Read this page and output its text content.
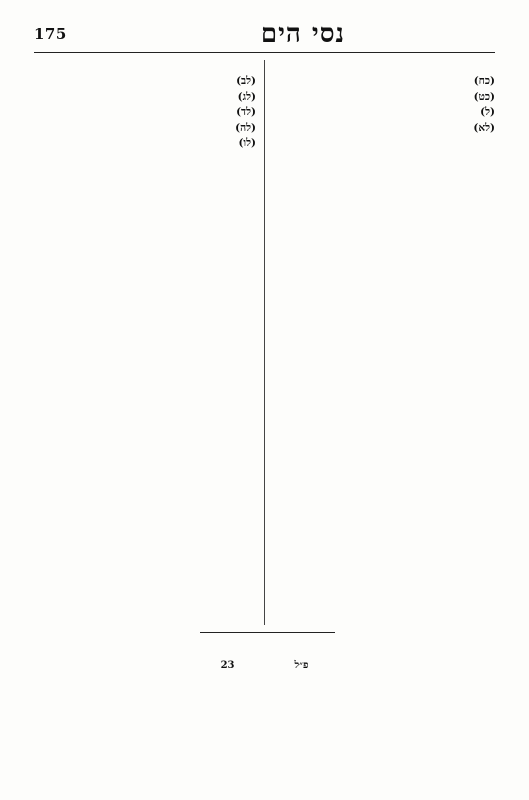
175	נסי הים
(כח)
(כט)
(ל)
(לא)
(לב)
(לג)
(לד)
(לה)
(לו)
23	פ״ל
